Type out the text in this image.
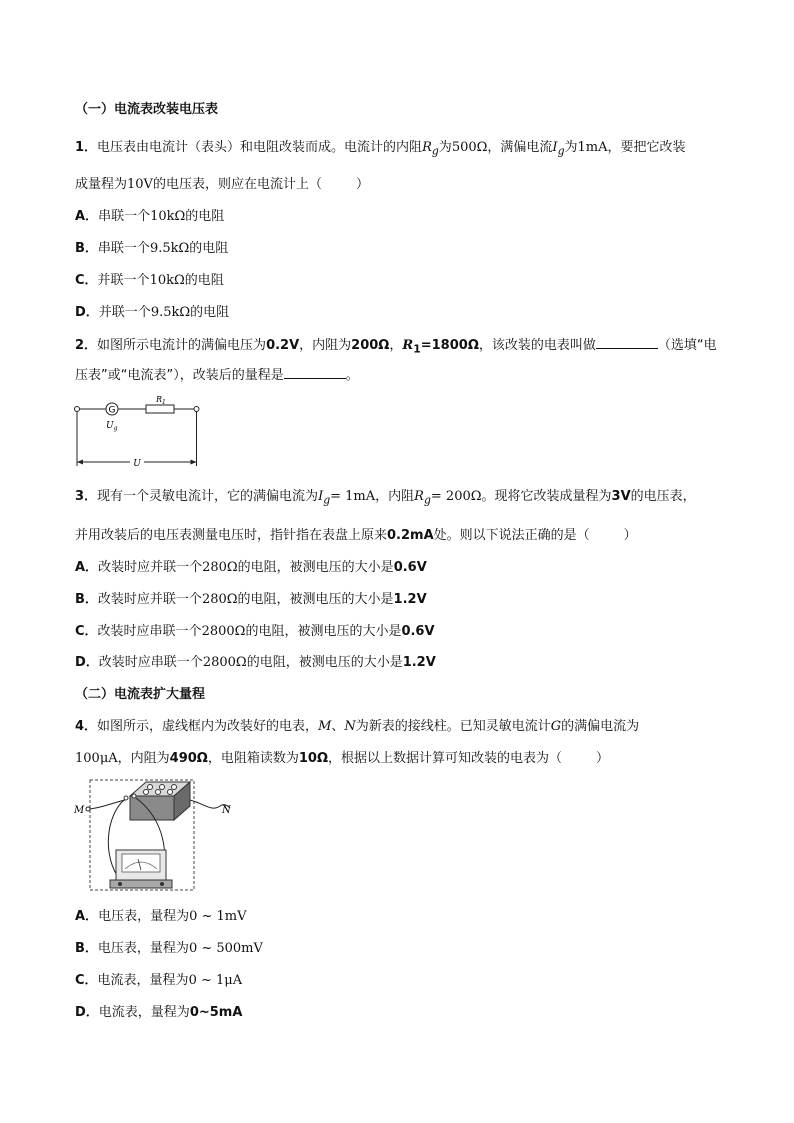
（一）电流表改装电压表
1．电压表由电流计（表头）和电阻改装而成。电流计的内阻$R_g$为500Ω，满偏电流$I_g$为1mA，要把它改装
成量程为10V的电压表，则应在电流计上（	）
A．串联一个10kΩ的电阻
B．串联一个9.5kΩ的电阻
C．并联一个10kΩ的电阻
D．并联一个9.5kΩ的电阻
2．如图所示电流计的满偏电压为0.2V，内阻为200Ω，$R_1=1800\Omega$，该改装的电表叫做	（选填“电
压表”或“电流表”），改装后的量程是	。
G
$R_1$
$U_g$
U
3．现有一个灵敏电流计，它的满偏电流为$I_g= 1mA$，内阻$R_g= 200\Omega$。现将它改装成量程为3V的电压表，
并用改装后的电压表测量电压时，指针指在表盘上原来0.2mA处。则以下说法正确的是（	）
A．改装时应并联一个280Ω的电阻，被测电压的大小是0.6V
B．改装时应并联一个280Ω的电阻，被测电压的大小是1.2V
C．改装时应串联一个2800Ω的电阻，被测电压的大小是0.6V
D．改装时应串联一个2800Ω的电阻，被测电压的大小是1.2V
（二）电流表扩大量程
4．如图所示，虚线框内为改装好的电表，M、N为新表的接线柱。已知灵敏电流计G的满偏电流为
100μA，内阻为490Ω，电阻箱读数为10Ω，根据以上数据计算可知改装的电表为（	）
M	N
A．电压表，量程为0 ~ 1mV
B．电压表，量程为0 ~ 500mV
C．电流表，量程为0 ~ 1μA
D．电流表，量程为0~5mA
